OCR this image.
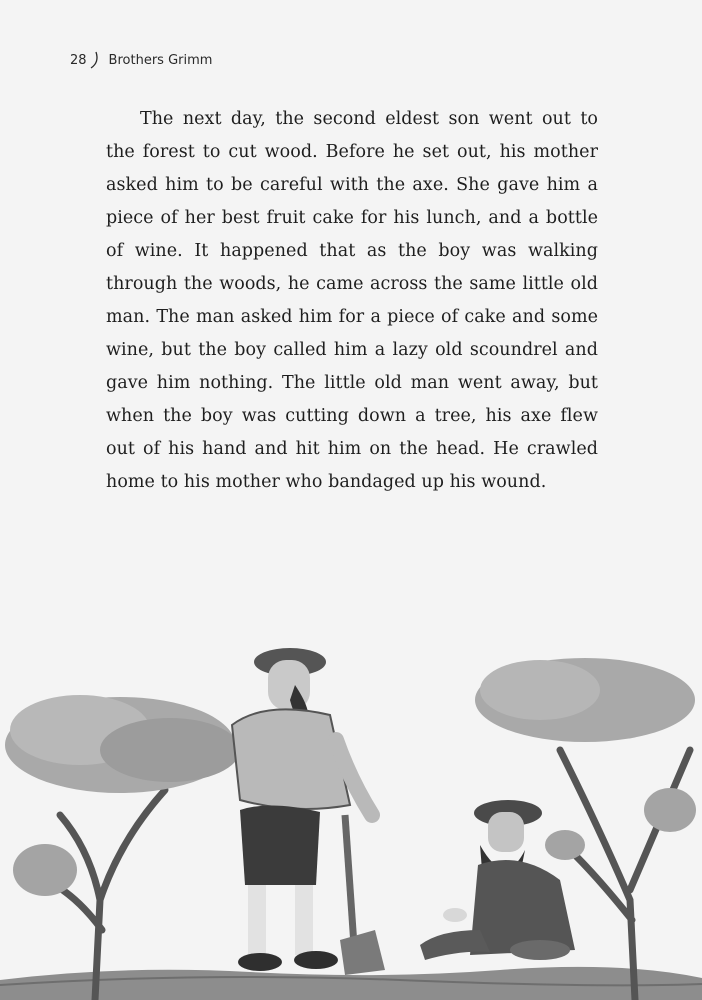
28 Brothers Grimm

The next day, the second eldest son went out to the forest to cut wood. Before he set out, his mother asked him to be careful with the axe. She gave him a piece of her best fruit cake for his lunch, and a bottle of wine. It happened that as the boy was walking through the woods, he came across the same little old man. The man asked him for a piece of cake and some wine, but the boy called him a lazy old scoundrel and gave him nothing. The little old man went away, but when the boy was cutting down a tree, his axe flew out of his hand and hit him on the head. He crawled home to his mother who bandaged up his wound.
